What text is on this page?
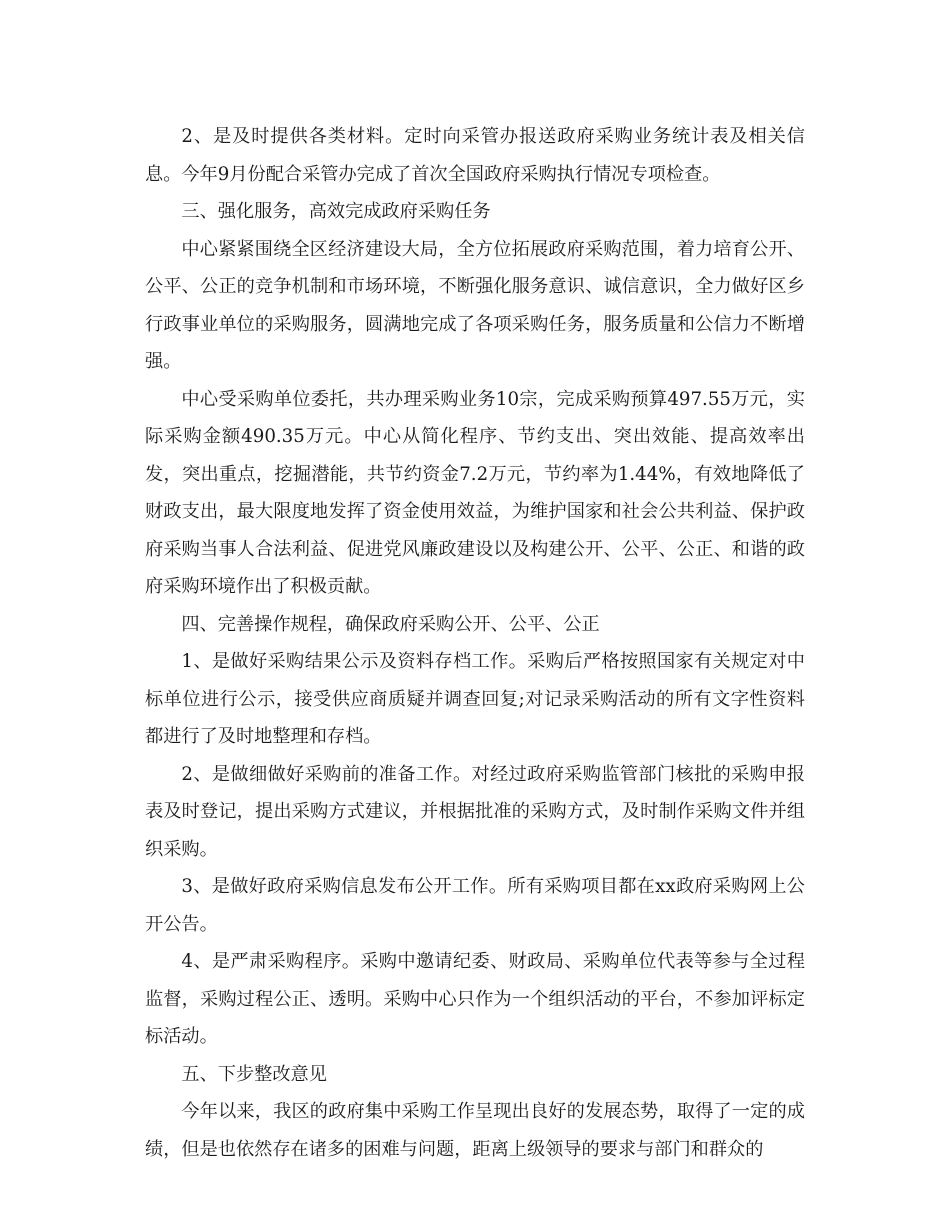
2、是及时提供各类材料。定时向采管办报送政府采购业务统计表及相关信息。今年9月份配合采管办完成了首次全国政府采购执行情况专项检查。

三、强化服务，高效完成政府采购任务

中心紧紧围绕全区经济建设大局，全方位拓展政府采购范围，着力培育公开、公平、公正的竞争机制和市场环境，不断强化服务意识、诚信意识，全力做好区乡行政事业单位的采购服务，圆满地完成了各项采购任务，服务质量和公信力不断增强。

中心受采购单位委托，共办理采购业务10宗，完成采购预算497.55万元，实际采购金额490.35万元。中心从简化程序、节约支出、突出效能、提高效率出发，突出重点，挖掘潜能，共节约资金7.2万元，节约率为1.44%，有效地降低了财政支出，最大限度地发挥了资金使用效益，为维护国家和社会公共利益、保护政府采购当事人合法利益、促进党风廉政建设以及构建公开、公平、公正、和谐的政府采购环境作出了积极贡献。

四、完善操作规程，确保政府采购公开、公平、公正

1、是做好采购结果公示及资料存档工作。采购后严格按照国家有关规定对中标单位进行公示，接受供应商质疑并调查回复;对记录采购活动的所有文字性资料都进行了及时地整理和存档。

2、是做细做好采购前的准备工作。对经过政府采购监管部门核批的采购申报表及时登记，提出采购方式建议，并根据批准的采购方式，及时制作采购文件并组织采购。

3、是做好政府采购信息发布公开工作。所有采购项目都在xx政府采购网上公开公告。

4、是严肃采购程序。采购中邀请纪委、财政局、采购单位代表等参与全过程监督，采购过程公正、透明。采购中心只作为一个组织活动的平台，不参加评标定标活动。

五、下步整改意见

今年以来，我区的政府集中采购工作呈现出良好的发展态势，取得了一定的成绩，但是也依然存在诸多的困难与问题，距离上级领导的要求与部门和群众的
